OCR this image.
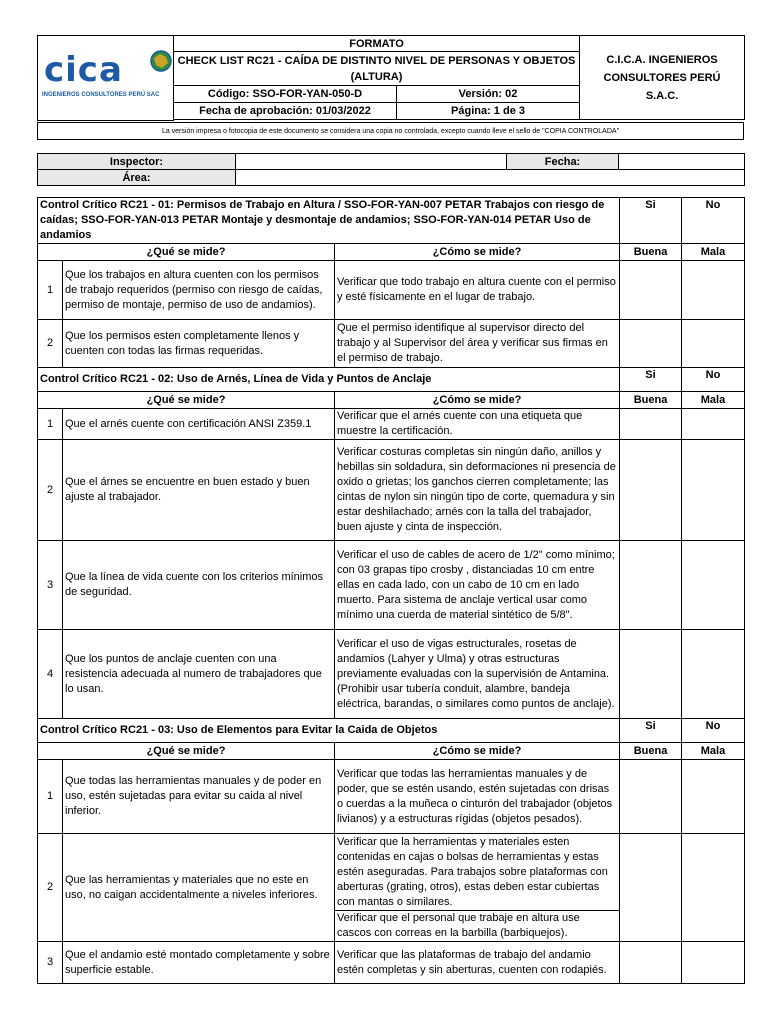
cica
INGENIEROS CONSULTORES PERÚ SAC	FORMATO		C.I.C.A. INGENIEROS CONSULTORES PERÚ S.A.C.
	CHECK LIST RC21 - CAÍDA DE DISTINTO NIVEL DE PERSONAS Y OBJETOS (ALTURA)		
	Código: SSO-FOR-YAN-050-D	Versión: 02	
	Fecha de aprobación: 01/03/2022	Página: 1 de 3	

La versión impresa o fotocopia de este documento se considera una copia no controlada, excepto cuando lleve el sello de "COPIA CONTROLADA"
Inspector:		Fecha:	
Área:			
Control Crítico RC21 - 01: Permisos de Trabajo en Altura / SSO-FOR-YAN-007 PETAR Trabajos con riesgo de caídas; SSO-FOR-YAN-013 PETAR Montaje y desmontaje de andamios; SSO-FOR-YAN-014 PETAR Uso de andamios			Si	No
¿Qué se mide?		¿Cómo se mide?	Buena	Mala
1	Que los trabajos en altura cuenten con los permisos de trabajo requeridos (permiso con riesgo de caídas, permiso de montaje, permiso de uso de andamios).	Verificar que todo trabajo en altura cuente con el permiso y esté físicamente en el lugar de trabajo.		
2	Que los permisos esten completamente llenos y cuenten con todas las firmas requeridas.	Que el permiso identifique al supervisor directo del trabajo y al Supervisor del área y verificar sus firmas en el permiso de trabajo.		
Control Crítico RC21 - 02: Uso de Arnés, Línea de Vida y Puntos de Anclaje			Si	No
¿Qué se mide?		¿Cómo se mide?	Buena	Mala
1	Que el arnés cuente con certificación ANSI Z359.1	Verificar que el arnés cuente con una etiqueta que muestre la certificación.		
2	Que el árnes se encuentre en buen estado y buen ajuste al trabajador.	Verificar costuras completas sin ningún daño, anillos y hebillas sin soldadura, sin deformaciones ni presencia de oxido o grietas; los ganchos cierren completamente; las cintas de nylon sin ningún tipo de corte, quemadura y sin estar deshilachado; arnés con la talla del trabajador, buen ajuste y cinta de inspección.		
3	Que la línea de vida cuente con los criterios mínimos de seguridad.	Verificar el uso de cables de acero de 1/2" como mínimo; con 03 grapas tipo crosby , distanciadas 10 cm entre ellas en cada lado, con un cabo de 10 cm en lado muerto. Para sistema de anclaje vertical usar como mínimo una cuerda de material sintético de 5/8".		
4	Que los puntos de anclaje cuenten con una resistencia adecuada al numero de trabajadores que lo usan.	Verificar el uso de vigas estructurales, rosetas de andamios (Lahyer y Ulma) y otras estructuras previamente evaluadas con la supervisión de Antamina. (Prohibir usar tubería conduit, alambre, bandeja eléctrica, barandas, o similares como puntos de anclaje).		
Control Crítico RC21 - 03: Uso de Elementos para Evitar la Caida de Objetos			Si	No
¿Qué se mide?		¿Cómo se mide?	Buena	Mala
1	Que todas las herramientas manuales y de poder en uso, estén sujetadas para evitar su caida al nivel inferior.	Verificar que todas las herramientas manuales y de poder, que se estén usando, estén sujetadas con drisas o cuerdas a la muñeca o cinturón del trabajador (objetos livianos) y a estructuras rígidas (objetos pesados).		
2	Que las herramientas y materiales que no este en uso, no caigan accidentalmente a niveles inferiores.	Verificar que la herramientas y materiales esten contenidas en cajas o bolsas de herramientas y estas estén aseguradas. Para trabajos sobre plataformas con aberturas (grating, otros), estas deben estar cubiertas con mantas o similares.		
		Verificar que el personal que trabaje en altura use cascos con correas en la barbilla (barbiquejos).		
3	Que el andamio esté montado completamente y sobre superficie estable.	Verificar que las plataformas de trabajo del andamio estén completas y sin aberturas, cuenten con rodapiés.		
